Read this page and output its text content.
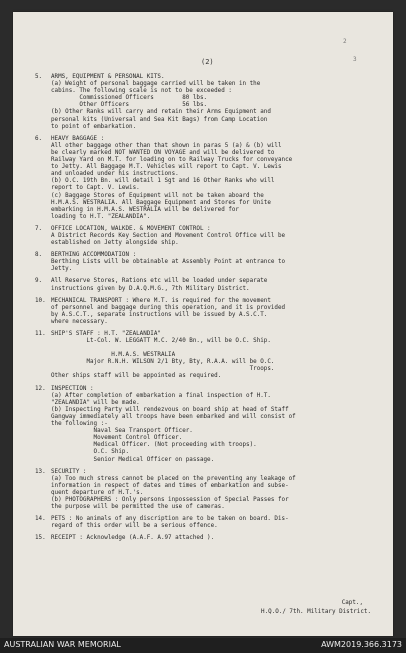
2
3
(2)
5. ARMS, EQUIPMENT & PERSONAL KITS.
(a) Weight of personal baggage carried will be taken in the
cabins. The following scale is not to be exceeded :
Commissioned Officers        80 lbs.
Other Officers               56 lbs.
(b) Other Ranks will carry and retain their Arms Equipment and
personal kits (Universal and Sea Kit Bags) from Camp Location
to point of embarkation.
6. HEAVY BAGGAGE :
All other baggage other than that shown in paras 5 (a) & (b) will
be clearly marked NOT WANTED ON VOYAGE and will be delivered to
Railway Yard on M.T. for loading on to Railway Trucks for conveyance
to Jetty. All Baggage M.T. Vehicles will report to Capt. V. Lewis
and unloaded under his instructions.
(b) O.C. 19th Bn. will detail 1 Sgt and 16 Other Ranks who will
report to Capt. V. Lewis.
(c) Baggage Stores of Equipment will not be taken aboard the
H.M.A.S. WESTRALIA. All Baggage Equipment and Stores for Unite
embarking in H.M.A.S. WESTRALIA will be delivered for
loading to H.T. "ZEALANDIA".
7. OFFICE LOCATION, WALKDE. & MOVEMENT CONTROL :
A District Records Key Section and Movement Control Office will be
established on Jetty alongside ship.
8. BERTHING ACCOMMODATION :
Berthing Lists will be obtainable at Assembly Point at entrance to
Jetty.
9. All Reserve Stores, Rations etc will be loaded under separate
instructions given by D.A.Q.M.G., 7th Military District.
10. MECHANICAL TRANSPORT : Where M.T. is required for the movement
of personnel and baggage during this operation, and it is provided
by A.S.C.T., separate instructions will be issued by A.S.C.T.
where necessary.
11. SHIP'S STAFF : H.T. "ZEALANDIA"
Lt-Col. W. LEGGATT M.C. 2/40 Bn., will be O.C. Ship.
H.M.A.S. WESTRALIA
Major R.N.H. WILSON 2/1 Bty, Bty, R.A.A. will be O.C.
Troops.
Other ships staff will be appointed as required.
12. INSPECTION :
(a) After completion of embarkation a final inspection of H.T.
"ZEALANDIA" will be made.
(b) Inspecting Party will rendezvous on board ship at head of Staff
Gangway immediately all troops have been embarked and will consist of
the following :-
Naval Sea Transport Officer.
Movement Control Officer.
Medical Officer. (Not proceeding with troops).
O.C. Ship.
Senior Medical Officer on passage.
13. SECURITY :
(a) Too much stress cannot be placed on the preventing any leakage of
information in respect of dates and times of embarkation and subse-
quent departure of H.T.'s.
(b) PHOTOGRAPHERS : Only persons inpossession of Special Passes for
the purpose will be permitted the use of cameras.
14. PETS : No animals of any discription are to be taken on board. Dis-
regard of this order will be a serious offence.
15. RECEIPT : Acknowledge (A.A.F. A.97 attached ).
Capt.,
H.Q.O./ 7th. Military District.
AUSTRALIAN WAR MEMORIAL	AWM2019.366.3173
